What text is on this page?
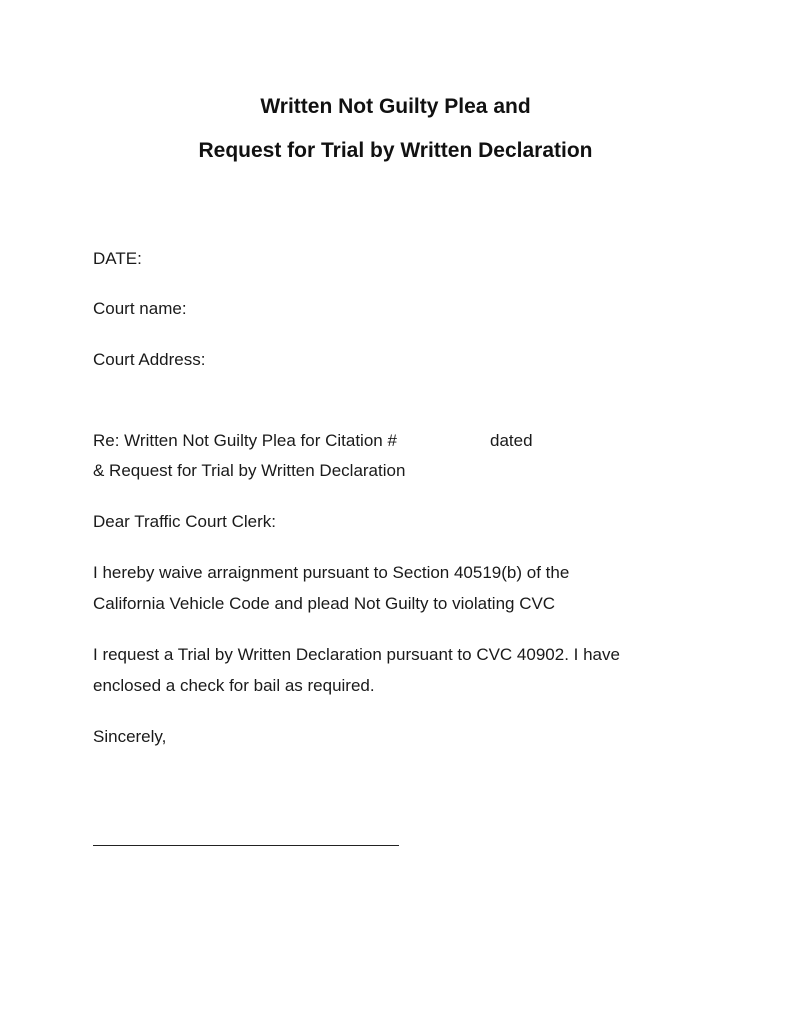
Written Not Guilty Plea and

Request for Trial by Written Declaration

DATE:

Court name:

Court Address:

Re: Written Not Guilty Plea for Citation #	dated

& Request for Trial by Written Declaration

Dear Traffic Court Clerk:

I hereby waive arraignment pursuant to Section 40519(b) of the

California Vehicle Code and plead Not Guilty to violating CVC

I request a Trial by Written Declaration pursuant to CVC 40902. I have

enclosed a check for bail as required.

Sincerely,
